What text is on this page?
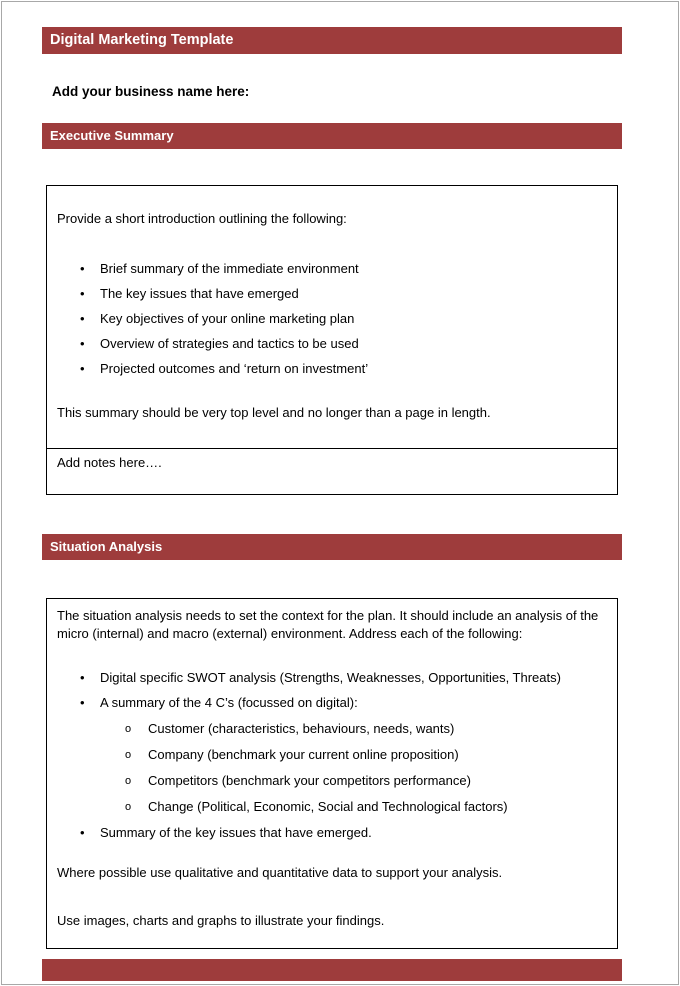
Digital Marketing Template
Add your business name here:
Executive Summary
Provide a short introduction outlining the following:
• Brief summary of the immediate environment
• The key issues that have emerged
• Key objectives of your online marketing plan
• Overview of strategies and tactics to be used
• Projected outcomes and ‘return on investment’
This summary should be very top level and no longer than a page in length.
Add notes here….
Situation Analysis
The situation analysis needs to set the context for the plan. It should include an analysis of the micro (internal) and macro (external) environment. Address each of the following:
• Digital specific SWOT analysis (Strengths, Weaknesses, Opportunities, Threats)
• A summary of the 4 C’s (focussed on digital):
o Customer (characteristics, behaviours, needs, wants)
o Company (benchmark your current online proposition)
o Competitors (benchmark your competitors performance)
o Change (Political, Economic, Social and Technological factors)
• Summary of the key issues that have emerged.
Where possible use qualitative and quantitative data to support your analysis.
Use images, charts and graphs to illustrate your findings.
